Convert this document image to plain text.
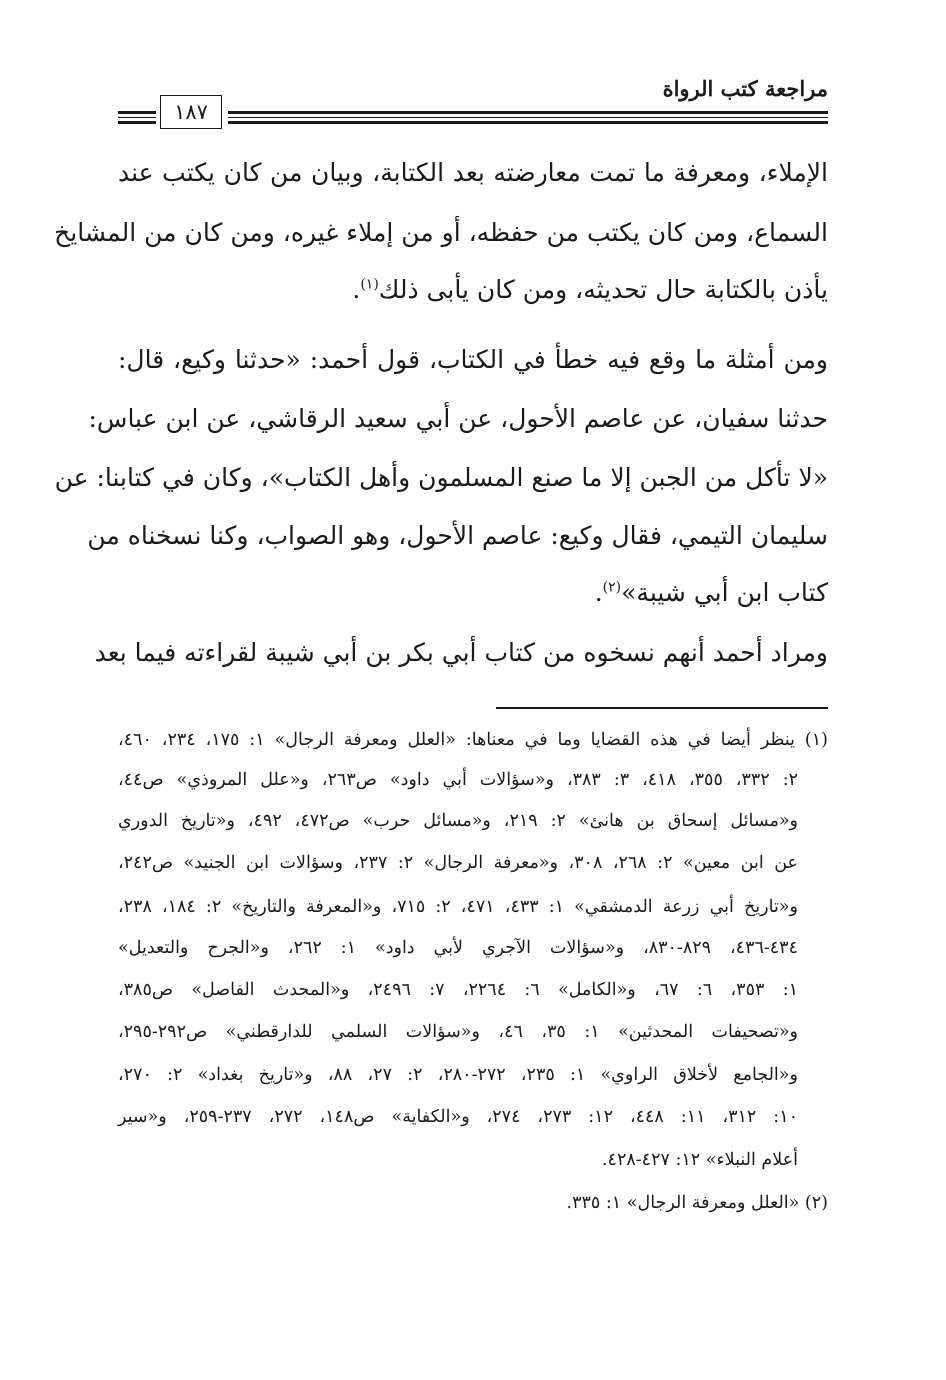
مراجعة كتب الرواة
١٨٧
الإملاء، ومعرفة ما تمت معارضته بعد الكتابة، وبيان من كان يكتب عند
السماع، ومن كان يكتب من حفظه، أو من إملاء غيره، ومن كان من المشايخ
يأذن بالكتابة حال تحديثه، ومن كان يأبى ذلك$^{(١)}$.
ومن أمثلة ما وقع فيه خطأ في الكتاب، قول أحمد: «حدثنا وكيع، قال:
حدثنا سفيان، عن عاصم الأحول، عن أبي سعيد الرقاشي، عن ابن عباس:
«لا تأكل من الجبن إلا ما صنع المسلمون وأهل الكتاب»، وكان في كتابنا: عن
سليمان التيمي، فقال وكيع: عاصم الأحول، وهو الصواب، وكنا نسخناه من
كتاب ابن أبي شيبة»$^{(٢)}$.
ومراد أحمد أنهم نسخوه من كتاب أبي بكر بن أبي شيبة لقراءته فيما بعد
(١) ينظر أيضا في هذه القضايا وما في معناها: «العلل ومعرفة الرجال» ١: ١٧٥، ٢٣٤، ٤٦٠،
٢: ٣٣٢، ٣٥٥، ٤١٨، ٣: ٣٨٣، و«سؤالات أبي داود» ص٢٦٣، و«علل المروذي» ص٤٤،
و«مسائل إسحاق بن هانئ» ٢: ٢١٩، و«مسائل حرب» ص٤٧٢، ٤٩٢، و«تاريخ الدوري
عن ابن معين» ٢: ٢٦٨، ٣٠٨، و«معرفة الرجال» ٢: ٢٣٧، وسؤالات ابن الجنيد» ص٢٤٢،
و«تاريخ أبي زرعة الدمشقي» ١: ٤٣٣، ٤٧١، ٢: ٧١٥، و«المعرفة والتاريخ» ٢: ١٨٤، ٢٣٨،
٤٣٤-٤٣٦، ٨٢٩-٨٣٠، و«سؤالات الآجري لأبي داود» ١: ٢٦٢، و«الجرح والتعديل»
١: ٣٥٣، ٦: ٦٧، و«الكامل» ٦: ٢٢٦٤، ٧: ٢٤٩٦، و«المحدث الفاصل» ص٣٨٥،
و«تصحيفات المحدثين» ١: ٣٥، ٤٦، و«سؤالات السلمي للدارقطني» ص٢٩٢-٢٩٥،
و«الجامع لأخلاق الراوي» ١: ٢٣٥، ٢٧٢-٢٨٠، ٢: ٢٧، ٨٨، و«تاريخ بغداد» ٢: ٢٧٠،
١٠: ٣١٢، ١١: ٤٤٨، ١٢: ٢٧٣، ٢٧٤، و«الكفاية» ص١٤٨، ٢٧٢، ٢٣٧-٢٥٩، و«سير
أعلام النبلاء» ١٢: ٤٢٧-٤٢٨.
(٢) «العلل ومعرفة الرجال» ١: ٣٣٥.
